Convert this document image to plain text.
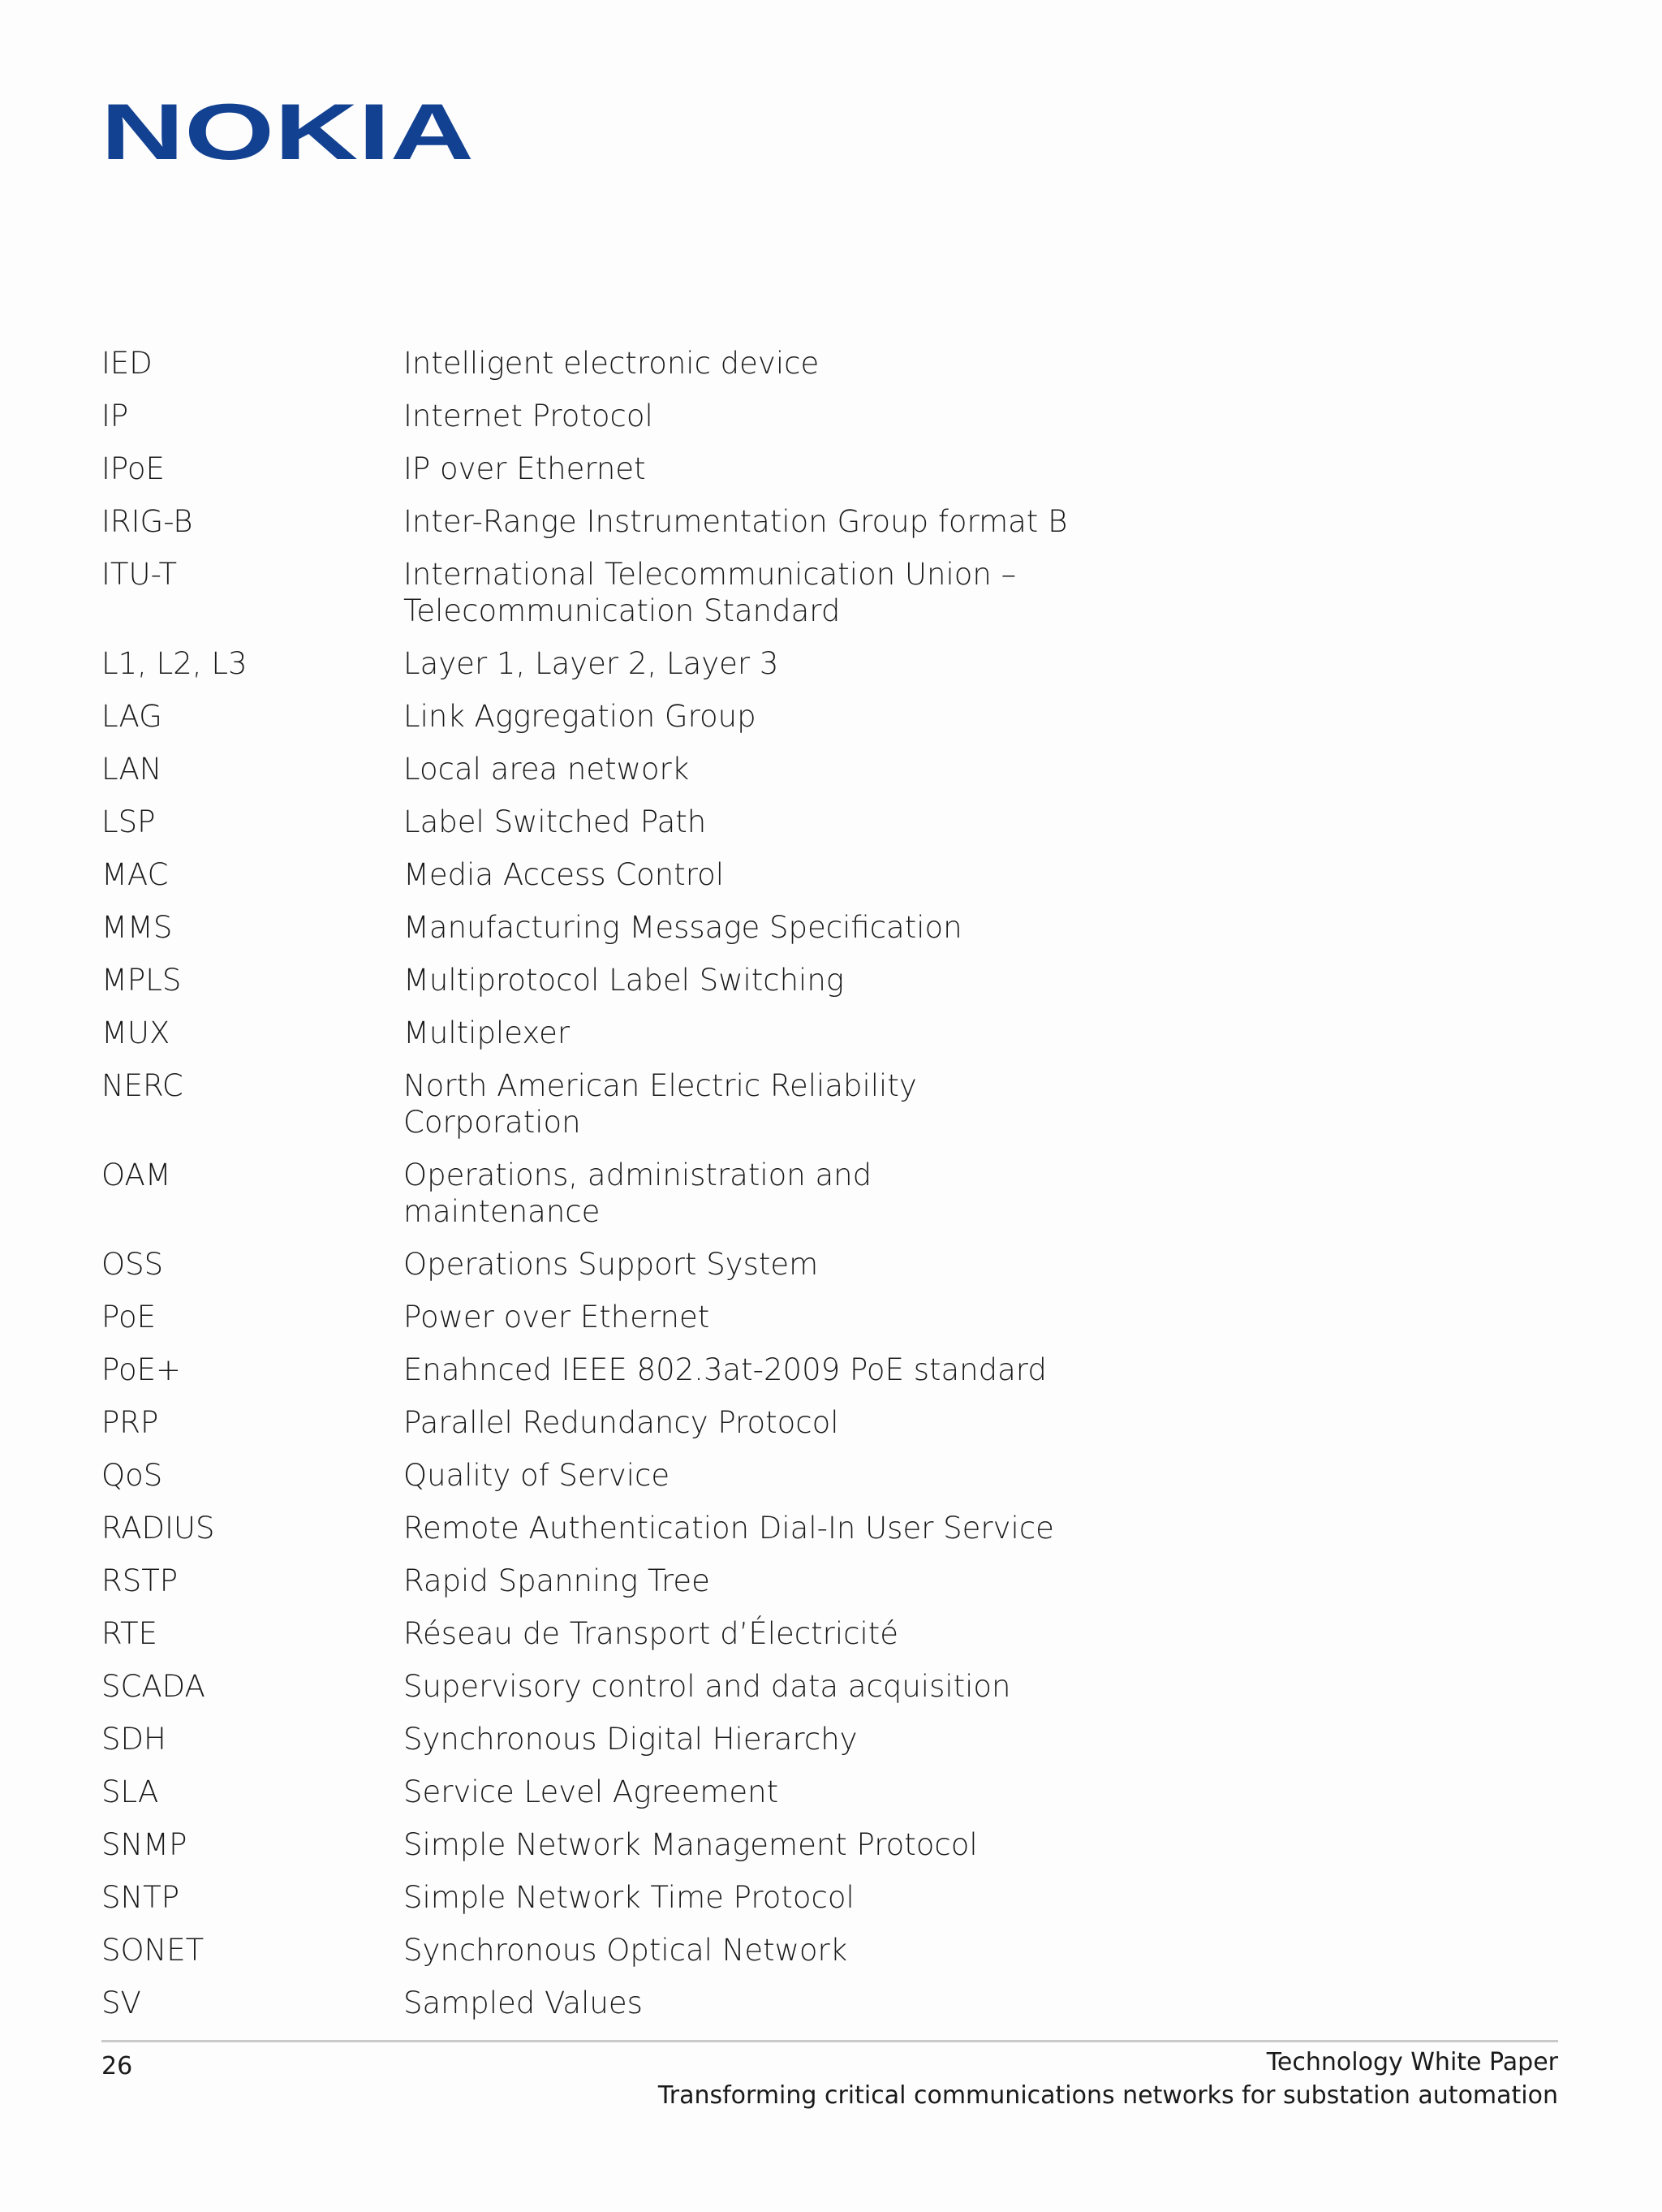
NOKIA
IED	Intelligent electronic device
IP	Internet Protocol
IPoE	IP over Ethernet
IRIG-B	Inter-Range Instrumentation Group format B
ITU-T	International Telecommunication Union – Telecommunication Standard
L1, L2, L3	Layer 1, Layer 2, Layer 3
LAG	Link Aggregation Group
LAN	Local area network
LSP	Label Switched Path
MAC	Media Access Control
MMS	Manufacturing Message Specification
MPLS	Multiprotocol Label Switching
MUX	Multiplexer
NERC	North American Electric Reliability Corporation
OAM	Operations, administration and maintenance
OSS	Operations Support System
PoE	Power over Ethernet
PoE+	Enahnced IEEE 802.3at-2009 PoE standard
PRP	Parallel Redundancy Protocol
QoS	Quality of Service
RADIUS	Remote Authentication Dial-In User Service
RSTP	Rapid Spanning Tree
RTE	Réseau de Transport d’Électricité
SCADA	Supervisory control and data acquisition
SDH	Synchronous Digital Hierarchy
SLA	Service Level Agreement
SNMP	Simple Network Management Protocol
SNTP	Simple Network Time Protocol
SONET	Synchronous Optical Network
SV	Sampled Values
26	Technology White Paper
Transforming critical communications networks for substation automation
